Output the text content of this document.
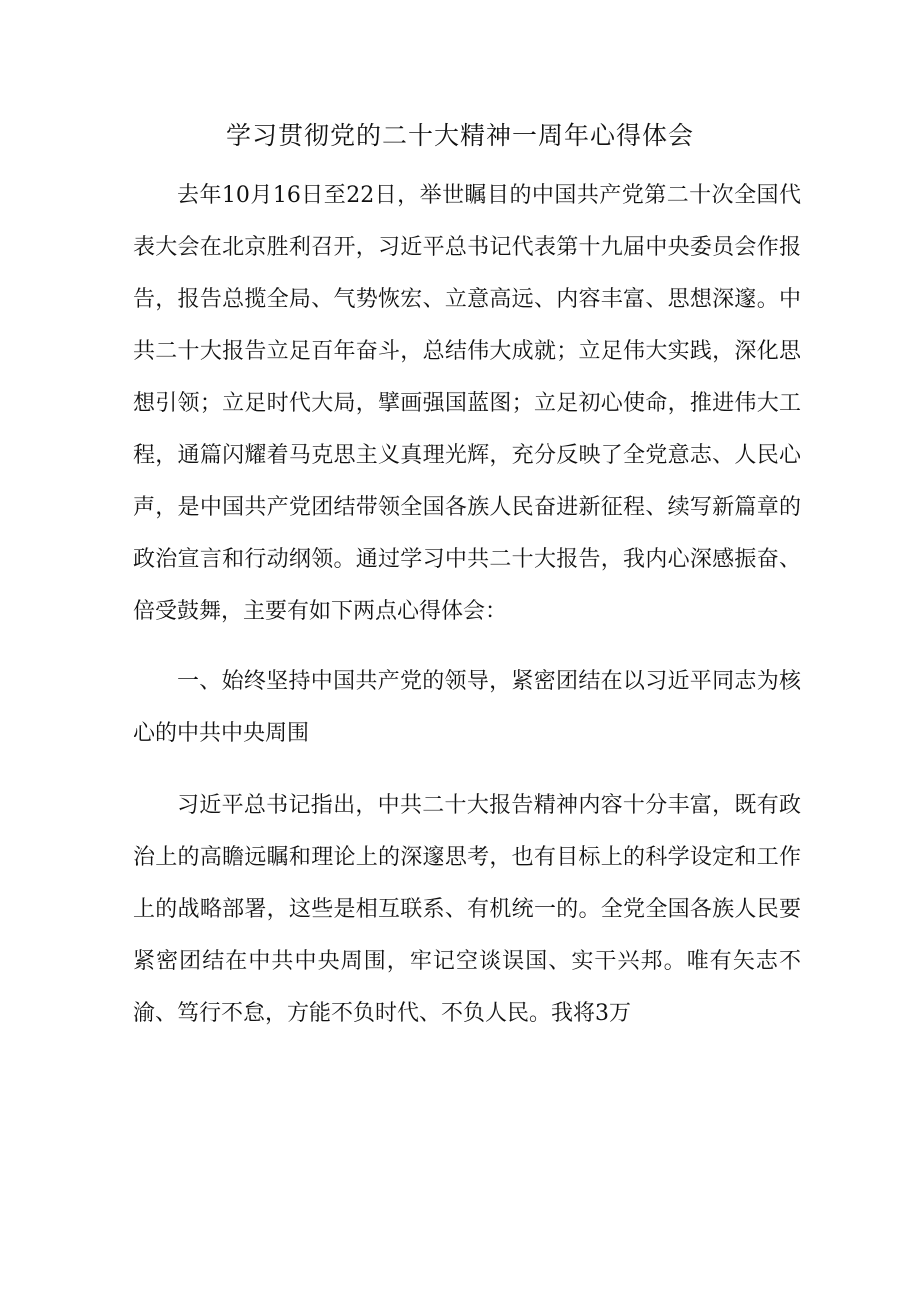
学习贯彻党的二十大精神一周年心得体会

去年10月16日至22日，举世瞩目的中国共产党第二十次全国代表大会在北京胜利召开，习近平总书记代表第十九届中央委员会作报告，报告总揽全局、气势恢宏、立意高远、内容丰富、思想深邃。中共二十大报告立足百年奋斗，总结伟大成就；立足伟大实践，深化思想引领；立足时代大局，擘画强国蓝图；立足初心使命，推进伟大工程，通篇闪耀着马克思主义真理光辉，充分反映了全党意志、人民心声，是中国共产党团结带领全国各族人民奋进新征程、续写新篇章的政治宣言和行动纲领。通过学习中共二十大报告，我内心深感振奋、倍受鼓舞，主要有如下两点心得体会：

一、始终坚持中国共产党的领导，紧密团结在以习近平同志为核心的中共中央周围

习近平总书记指出，中共二十大报告精神内容十分丰富，既有政治上的高瞻远瞩和理论上的深邃思考，也有目标上的科学设定和工作上的战略部署，这些是相互联系、有机统一的。全党全国各族人民要紧密团结在中共中央周围，牢记空谈误国、实干兴邦。唯有矢志不渝、笃行不怠，方能不负时代、不负人民。我将3万
